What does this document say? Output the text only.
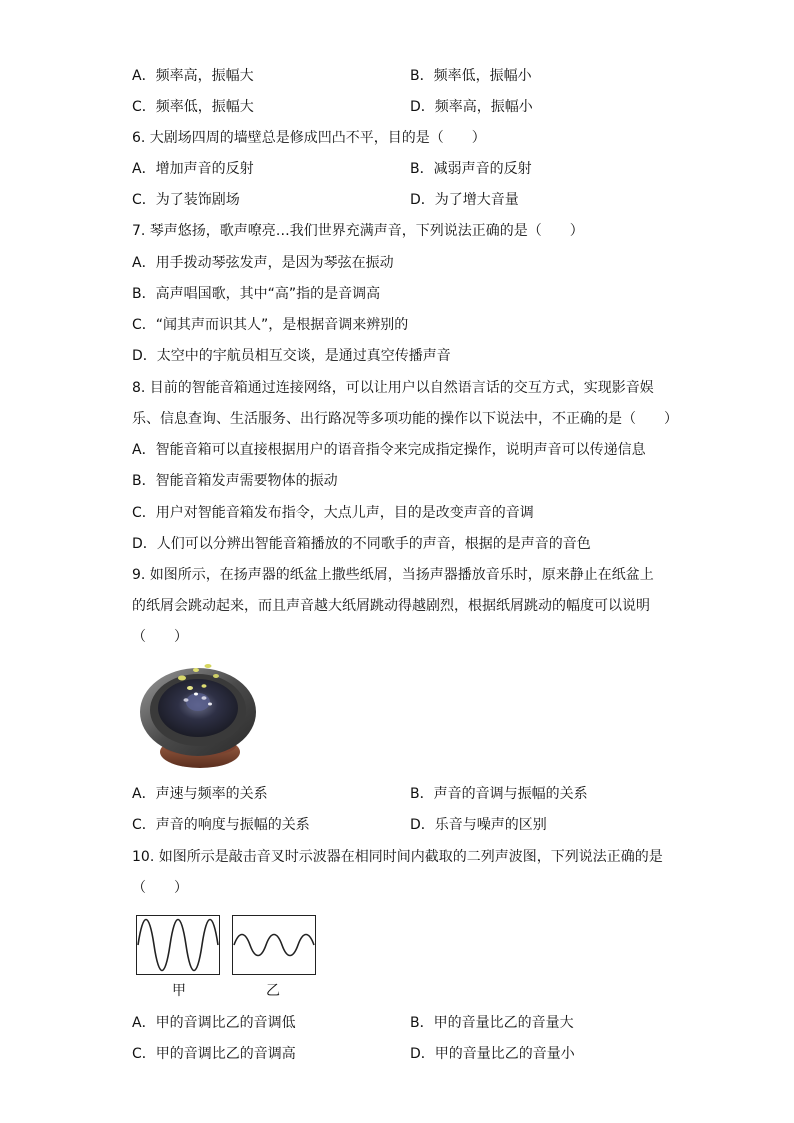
A．频率高，振幅大	B．频率低，振幅小
C．频率低，振幅大	D．频率高，振幅小
6. 大剧场四周的墙壁总是修成凹凸不平，目的是（　　）
A．增加声音的反射	B．减弱声音的反射
C．为了装饰剧场	D．为了增大音量
7. 琴声悠扬，歌声嘹亮…我们世界充满声音，下列说法正确的是（　　）
A．用手拨动琴弦发声，是因为琴弦在振动
B．高声唱国歌，其中“高”指的是音调高
C．“闻其声而识其人”，是根据音调来辨别的
D．太空中的宇航员相互交谈，是通过真空传播声音
8. 目前的智能音箱通过连接网络，可以让用户以自然语言话的交互方式，实现影音娱
乐、信息查询、生活服务、出行路况等多项功能的操作以下说法中，不正确的是（　　）
A．智能音箱可以直接根据用户的语音指令来完成指定操作，说明声音可以传递信息
B．智能音箱发声需要物体的振动
C．用户对智能音箱发布指令，大点儿声，目的是改变声音的音调
D．人们可以分辨出智能音箱播放的不同歌手的声音，根据的是声音的音色
9. 如图所示，在扬声器的纸盆上撒些纸屑，当扬声器播放音乐时，原来静止在纸盆上
的纸屑会跳动起来，而且声音越大纸屑跳动得越剧烈，根据纸屑跳动的幅度可以说明
（　　）
A．声速与频率的关系	B．声音的音调与振幅的关系
C．声音的响度与振幅的关系	D．乐音与噪声的区别
10. 如图所示是敲击音叉时示波器在相同时间内截取的二列声波图，下列说法正确的是
（　　）
甲	乙
A．甲的音调比乙的音调低	B．甲的音量比乙的音量大
C．甲的音调比乙的音调高	D．甲的音量比乙的音量小
